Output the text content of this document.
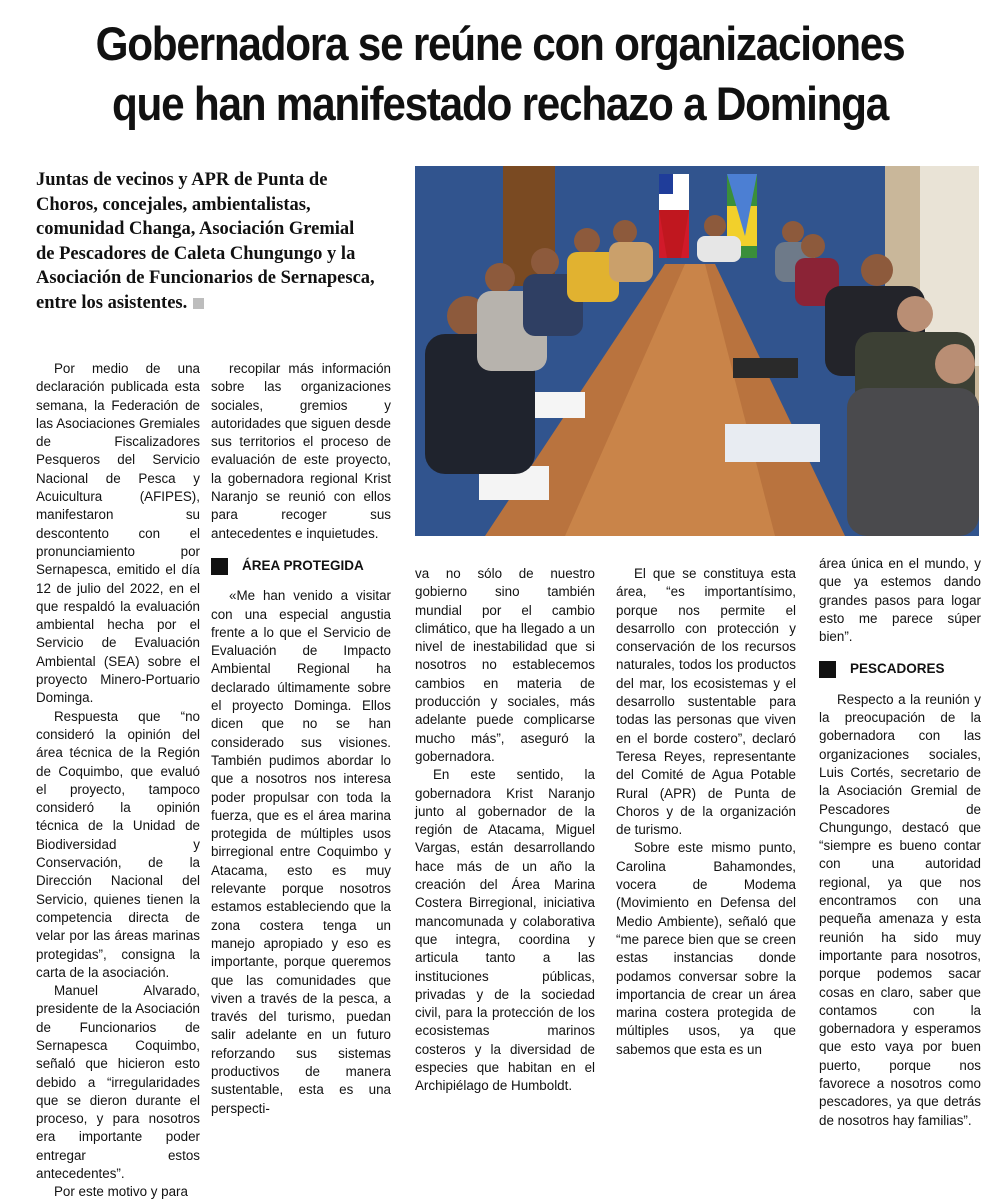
Gobernadora se reúne con organizaciones
que han manifestado rechazo a Dominga
Juntas de vecinos y APR de Punta de Choros, concejales, ambientalistas, comunidad Changa, Asociación Gremial de Pescadores de Caleta Chungungo y la Asociación de Funcionarios de Sernapesca, entre los asistentes.

Por medio de una declaración publicada esta semana, la Federación de las Asociaciones Gremiales de Fiscalizadores Pesqueros del Servicio Nacional de Pesca y Acuicultura (AFIPES), manifestaron su descontento con el pronunciamiento por Sernapesca, emitido el día 12 de julio del 2022, en el que respaldó la evaluación ambiental hecha por el Servicio de Evaluación Ambiental (SEA) sobre el proyecto Minero-Portuario Dominga.

Respuesta que “no consideró la opinión del área técnica de la Región de Coquimbo, que evaluó el proyecto, tampoco consideró la opinión técnica de la Unidad de Biodiversidad y Conservación, de la Dirección Nacional del Servicio, quienes tienen la competencia directa de velar por las áreas marinas protegidas”, consigna la carta de la asociación.

Manuel Alvarado, presidente de la Asociación de Funcionarios de Sernapesca Coquimbo, señaló que hicieron esto debido a “irregularidades que se dieron durante el proceso, y para nosotros era importante poder entregar estos antecedentes”.

Por este motivo y para

recopilar más información sobre las organizaciones sociales, gremios y autoridades que siguen desde sus territorios el proceso de evaluación de este proyecto, la gobernadora regional Krist Naranjo se reunió con ellos para recoger sus antecedentes e inquietudes.

ÁREA PROTEGIDA

«Me han venido a visitar con una especial angustia frente a lo que el Servicio de Evaluación de Impacto Ambiental Regional ha declarado últimamente sobre el proyecto Dominga. Ellos dicen que no se han considerado sus visiones. También pudimos abordar lo que a nosotros nos interesa poder propulsar con toda la fuerza, que es el área marina protegida de múltiples usos birregional entre Coquimbo y Atacama, esto es muy relevante porque nosotros estamos estableciendo que la zona costera tenga un manejo apropiado y eso es importante, porque queremos que las comunidades que viven a través de la pesca, a través del turismo, puedan salir adelante en un futuro reforzando sus sistemas productivos de manera sustentable, esta es una perspecti-

va no sólo de nuestro gobierno sino también mundial por el cambio climático, que ha llegado a un nivel de inestabilidad que si nosotros no establecemos cambios en materia de producción y sociales, más adelante puede complicarse mucho más”, aseguró la gobernadora.

En este sentido, la gobernadora Krist Naranjo junto al gobernador de la región de Atacama, Miguel Vargas, están desarrollando hace más de un año la creación del Área Marina Costera Birregional, iniciativa mancomunada y colaborativa que integra, coordina y articula tanto a las instituciones públicas, privadas y de la sociedad civil, para la protección de los ecosistemas marinos costeros y la diversidad de especies que habitan en el Archipiélago de Humboldt.

El que se constituya esta área, “es importantísimo, porque nos permite el desarrollo con protección y conservación de los recursos naturales, todos los productos del mar, los ecosistemas y el desarrollo sustentable para todas las personas que viven en el borde costero”, declaró Teresa Reyes, representante del Comité de Agua Potable Rural (APR) de Punta de Choros y de la organización de turismo.

Sobre este mismo punto, Carolina Bahamondes, vocera de Modema (Movimiento en Defensa del Medio Ambiente), señaló que “me parece bien que se creen estas instancias donde podamos conversar sobre la importancia de crear un área marina costera protegida de múltiples usos, ya que sabemos que esta es un

área única en el mundo, y que ya estemos dando grandes pasos para logar esto me parece súper bien”.

PESCADORES

Respecto a la reunión y la preocupación de la gobernadora con las organizaciones sociales, Luis Cortés, secretario de la Asociación Gremial de Pescadores de Chungungo, destacó que “siempre es bueno contar con una autoridad regional, ya que nos encontramos con una pequeña amenaza y esta reunión ha sido muy importante para nosotros, porque podemos sacar cosas en claro, saber que contamos con la gobernadora y esperamos que esto vaya por buen puerto, porque nos favorece a nosotros como pescadores, ya que detrás de nosotros hay familias”.
